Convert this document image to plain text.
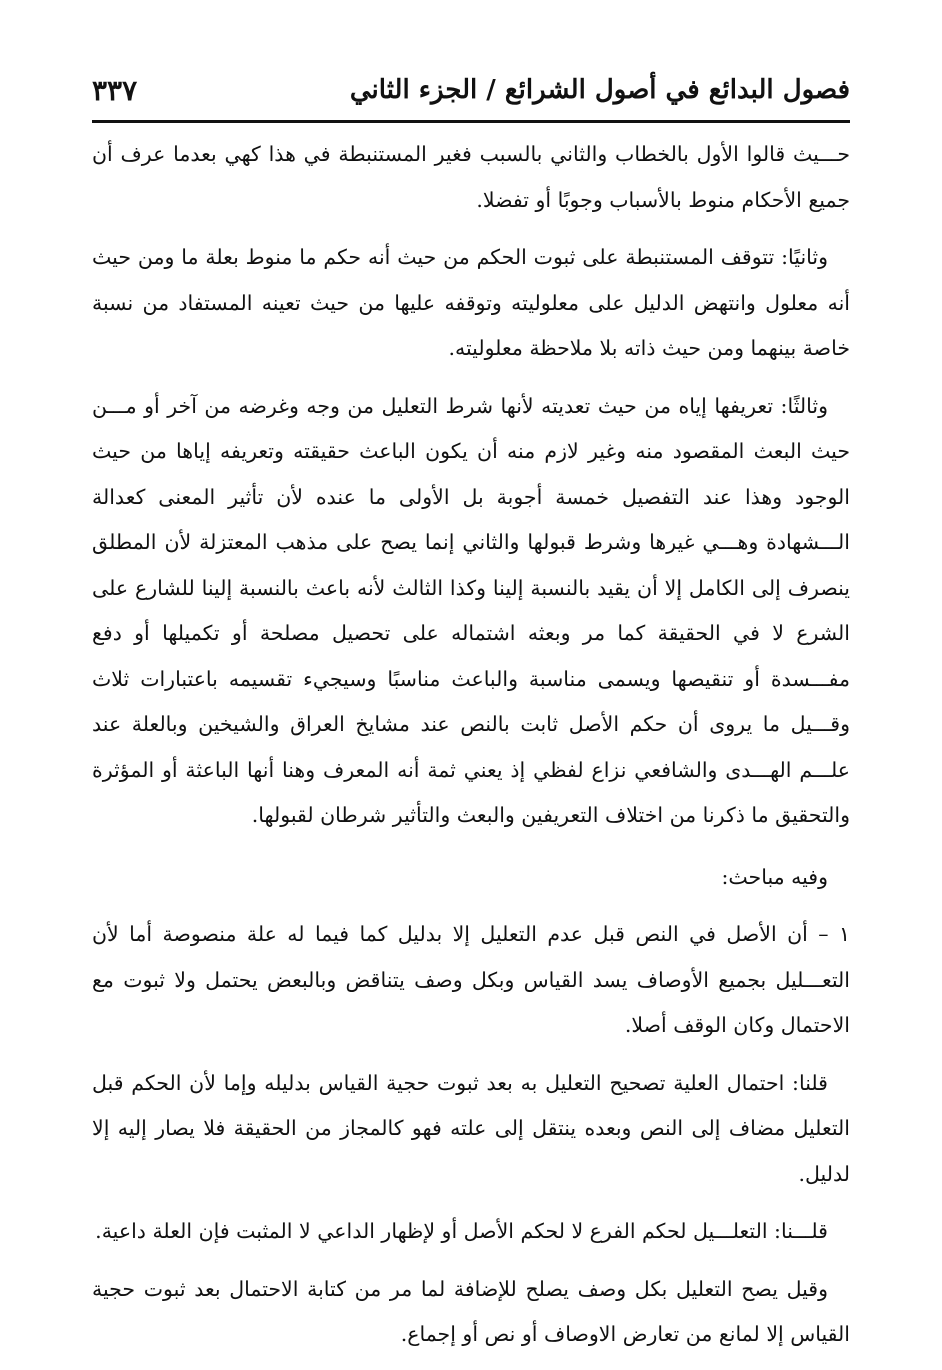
فصول البدائع في أصول الشرائع / الجزء الثاني
٣٣٧

حـــيث قالوا الأول بالخطاب والثاني بالسبب فغير المستنبطة في هذا كهي بعدما عرف أن جميع الأحكام منوط بالأسباب وجوبًا أو تفضلا.

وثانيًا: تتوقف المستنبطة على ثبوت الحكم من حيث أنه حكم ما منوط بعلة ما ومن حيث أنه معلول وانتهض الدليل على معلوليته وتوقفه عليها من حيث تعينه المستفاد من نسبة خاصة بينهما ومن حيث ذاته بلا ملاحظة معلوليته.

وثالثًا: تعريفها إياه من حيث تعديته لأنها شرط التعليل من وجه وغرضه من آخر أو مـــن حيث البعث المقصود منه وغير لازم منه أن يكون الباعث حقيقته وتعريفه إياها من حيث الوجود وهذا عند التفصيل خمسة أجوبة بل الأولى ما عنده لأن تأثير المعنى كعدالة الـــشهادة وهـــي غيرها وشرط قبولها والثاني إنما يصح على مذهب المعتزلة لأن المطلق ينصرف إلى الكامل إلا أن يقيد بالنسبة إلينا وكذا الثالث لأنه باعث بالنسبة إلينا للشارع على الشرع لا في الحقيقة كما مر وبعثه اشتماله على تحصيل مصلحة أو تكميلها أو دفع مفـــسدة أو تنقيصها ويسمى مناسبة والباعث مناسبًا وسيجيء تقسيمه باعتبارات ثلاث وقـــيل ما يروى أن حكم الأصل ثابت بالنص عند مشايخ العراق والشيخين وبالعلة عند علـــم الهـــدى والشافعي نزاع لفظي إذ يعني ثمة أنه المعرف وهنا أنها الباعثة أو المؤثرة والتحقيق ما ذكرنا من اختلاف التعريفين والبعث والتأثير شرطان لقبولها.

وفيه مباحث:

١ – أن الأصل في النص قبل عدم التعليل إلا بدليل كما فيما له علة منصوصة أما لأن التعـــليل بجميع الأوصاف يسد القياس وبكل وصف يتناقض وبالبعض يحتمل ولا ثبوت مع الاحتمال وكان الوقف أصلا.

قلنا: احتمال العلية تصحيح التعليل به بعد ثبوت حجية القياس بدليله وإما لأن الحكم قبل التعليل مضاف إلى النص وبعده ينتقل إلى علته فهو كالمجاز من الحقيقة فلا يصار إليه إلا لدليل.

قلـــنا: التعلـــيل لحكم الفرع لا لحكم الأصل أو لإظهار الداعي لا المثبت فإن العلة داعية.

وقيل يصح التعليل بكل وصف يصلح للإضافة لما مر من كتابة الاحتمال بعد ثبوت حجية القياس إلا لمانع من تعارض الاوصاف أو نص أو إجماع.
